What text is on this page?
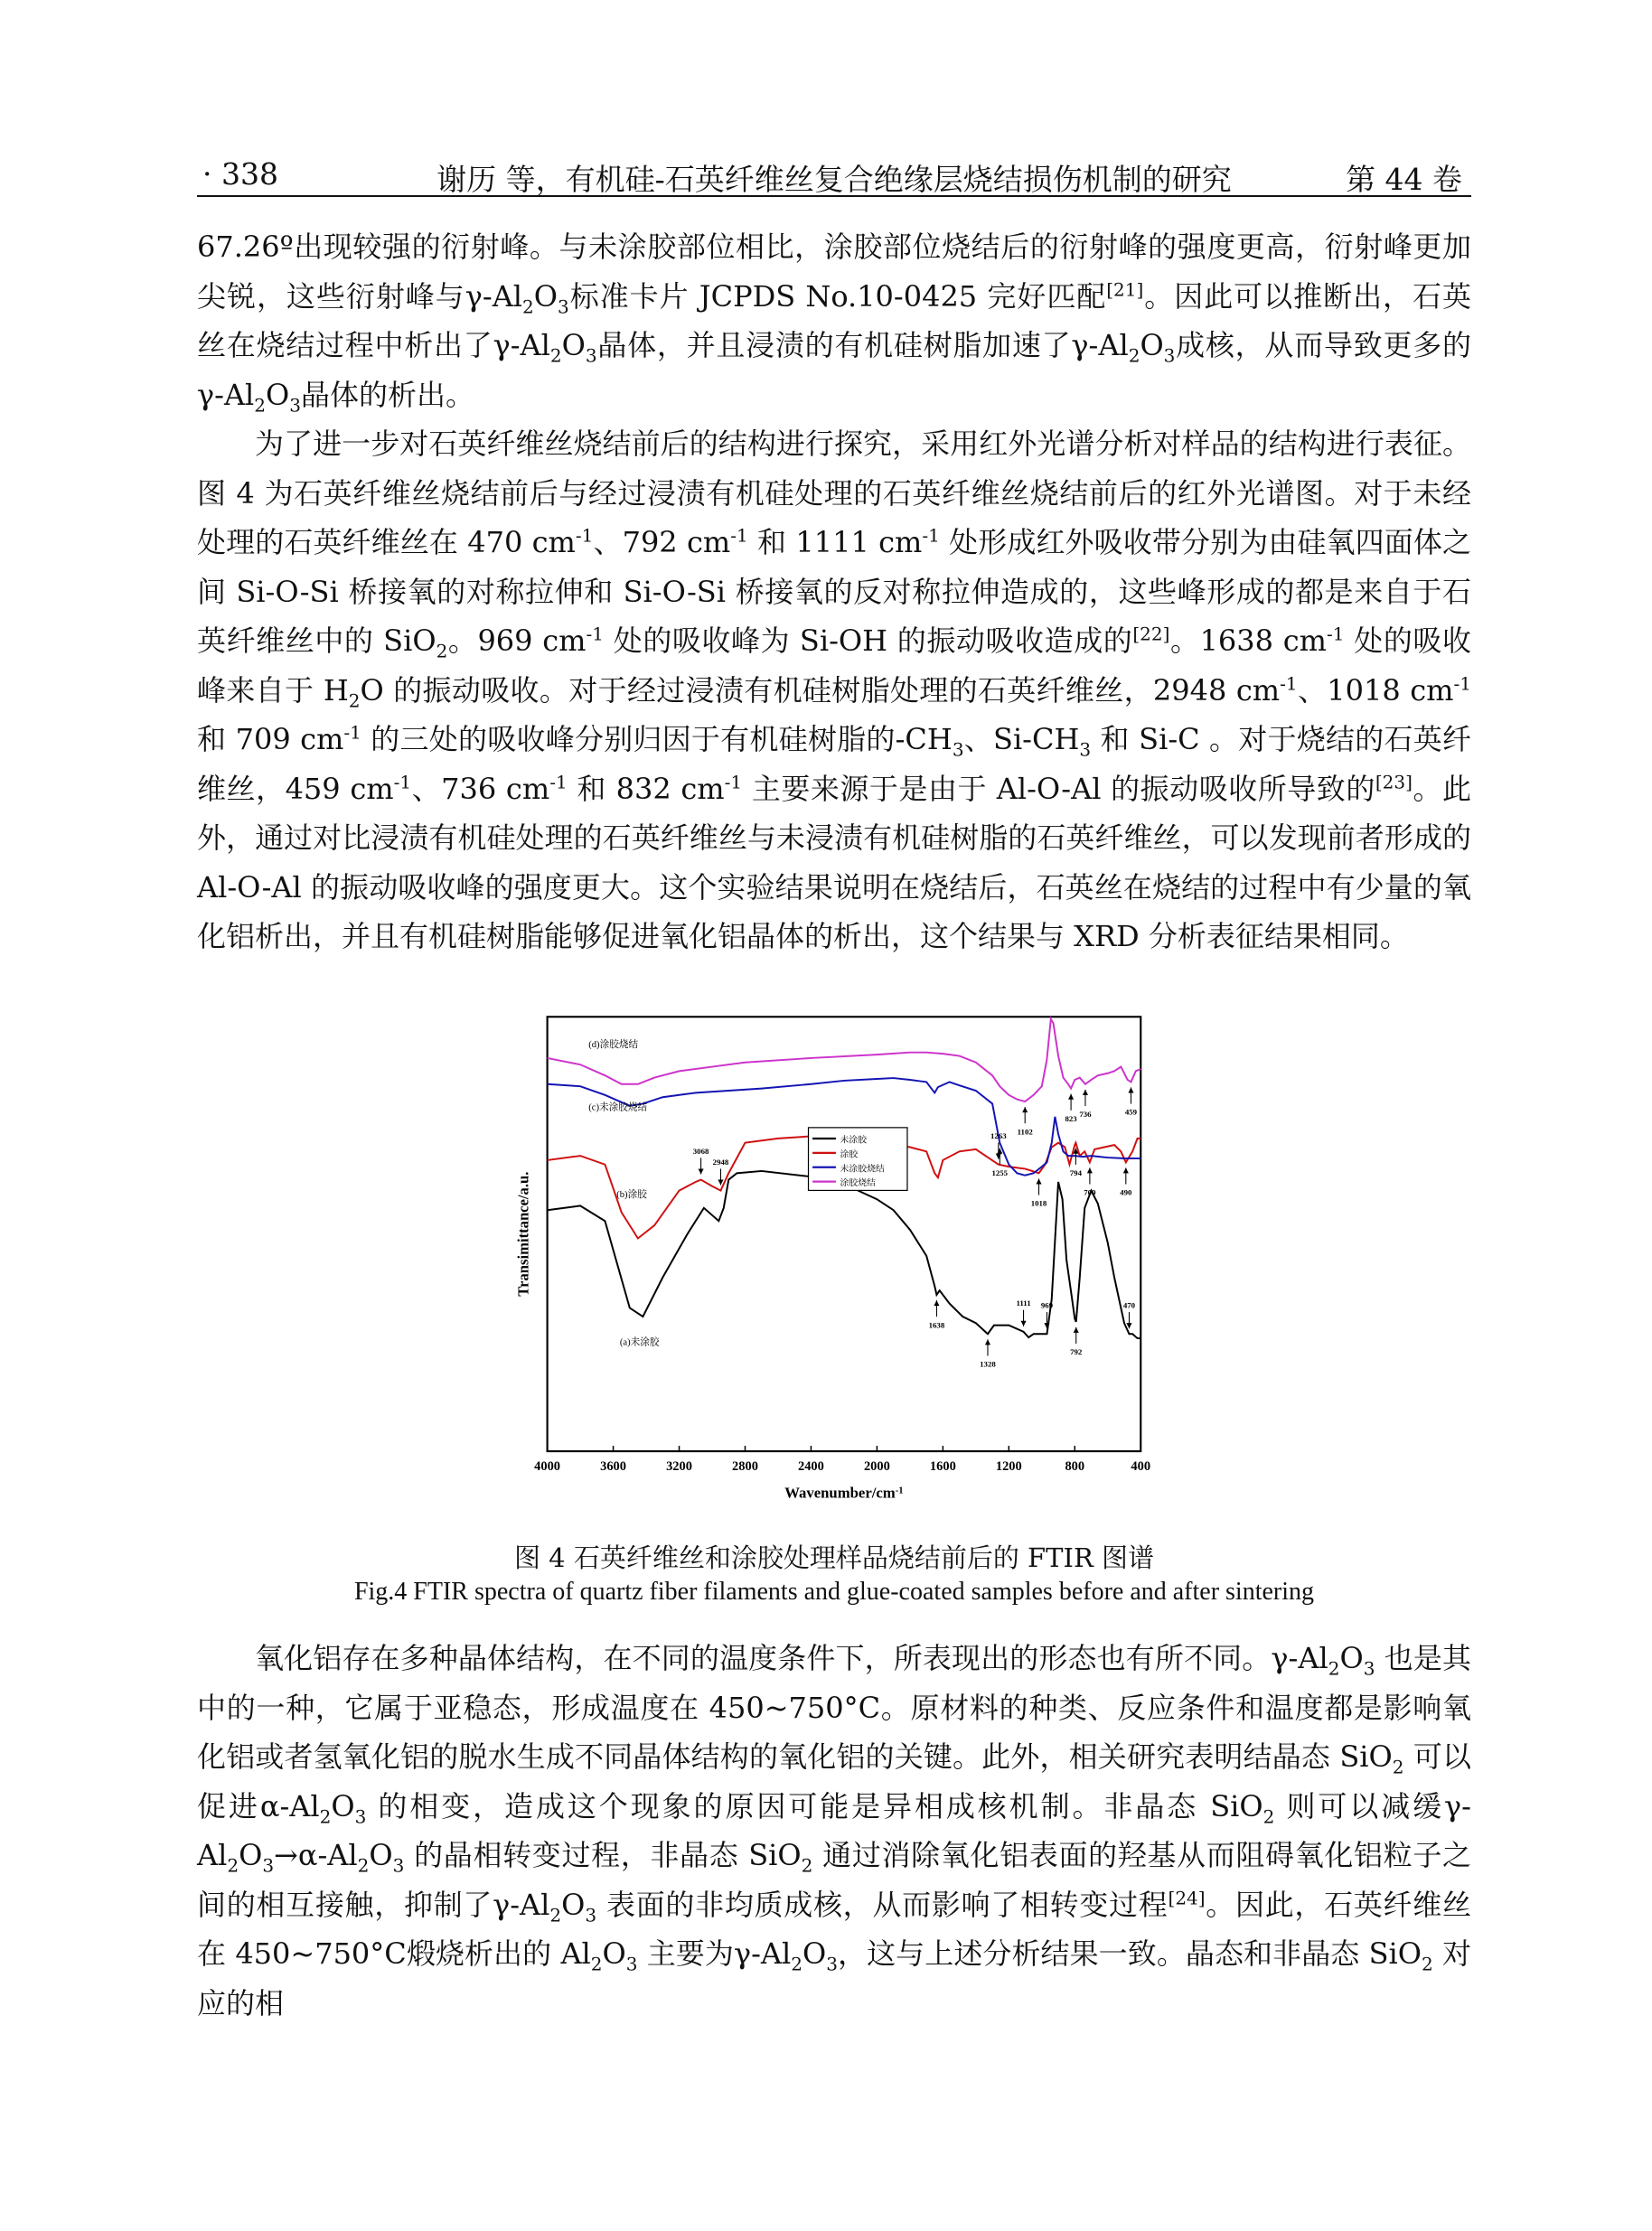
· 338	谢历 等，有机硅-石英纤维丝复合绝缘层烧结损伤机制的研究	第 44 卷

67.26º出现较强的衍射峰。与未涂胶部位相比，涂胶部位烧结后的衍射峰的强度更高，衍射峰更加尖锐，这些衍射峰与$\gamma-Al_2O_3$标准卡片 JCPDS No.10-0425 完好匹配[21]。因此可以推断出，石英丝在烧结过程中析出了$\gamma-Al_2O_3$晶体，并且浸渍的有机硅树脂加速了$\gamma-Al_2O_3$成核，从而导致更多的$\gamma-Al_2O_3$晶体的析出。

为了进一步对石英纤维丝烧结前后的结构进行探究，采用红外光谱分析对样品的结构进行表征。图 4 为石英纤维丝烧结前后与经过浸渍有机硅处理的石英纤维丝烧结前后的红外光谱图。对于未经处理的石英纤维丝在 470 $cm^{-1}$、792 $cm^{-1}$ 和 1111 $cm^{-1}$ 处形成红外吸收带分别为由硅氧四面体之间 Si-O-Si 桥接氧的对称拉伸和 Si-O-Si 桥接氧的反对称拉伸造成的，这些峰形成的都是来自于石英纤维丝中的 SiO$_2$。969 $cm^{-1}$ 处的吸收峰为 Si-OH 的振动吸收造成的[22]。1638 $cm^{-1}$ 处的吸收峰来自于 $H_2O$ 的振动吸收。对于经过浸渍有机硅树脂处理的石英纤维丝，2948 $cm^{-1}$、1018 $cm^{-1}$ 和 709 $cm^{-1}$ 的三处的吸收峰分别归因于有机硅树脂的$-CH_3$、$Si-CH_3$ 和 Si-C 。对于烧结的石英纤维丝，459 $cm^{-1}$、736 $cm^{-1}$ 和 832 $cm^{-1}$ 主要来源于是由于 Al-O-Al 的振动吸收所导致的[23]。此外，通过对比浸渍有机硅处理的石英纤维丝与未浸渍有机硅树脂的石英纤维丝，可以发现前者形成的 Al-O-Al 的振动吸收峰的强度更大。这个实验结果说明在烧结后，石英丝在烧结的过程中有少量的氧化铝析出，并且有机硅树脂能够促进氧化铝晶体的析出，这个结果与 XRD 分析表征结果相同。

4000	3600	3200	2800	2400	2000	1600	1200	800	400
Wavenumber/$cm^{-1}$
Transimittance/a.u.
(a)未涂胶
(b)涂胶
(c)未涂胶烧结
(d)涂胶烧结
未涂胶
涂胶
未涂胶烧结
涂胶烧结
1638
1328
1111 969
792
470
3068
2948
1263
1018
794
709	490
1255
1102
823 736	459
图 4 石英纤维丝和涂胶处理样品烧结前后的 FTIR 图谱
Fig.4 FTIR spectra of quartz fiber filaments and glue-coated samples before and after sintering

氧化铝存在多种晶体结构，在不同的温度条件下，所表现出的形态也有所不同。$\gamma-Al_2O_3$ 也是其中的一种，它属于亚稳态，形成温度在 450~750°C。原材料的种类、反应条件和温度都是影响氧化铝或者氢氧化铝的脱水生成不同晶体结构的氧化铝的关键。此外，相关研究表明结晶态 SiO$_2$ 可以促进$\alpha-Al_2O_3$ 的相变，造成这个现象的原因可能是异相成核机制。非晶态 SiO$_2$ 则可以减缓$\gamma-Al_2O_3\to\alpha-Al_2O_3$ 的晶相转变过程，非晶态 SiO$_2$ 通过消除氧化铝表面的羟基从而阻碍氧化铝粒子之间的相互接触，抑制了$\gamma-Al_2O_3$ 表面的非均质成核，从而影响了相转变过程[24]。因此，石英纤维丝在 450~750°C煅烧析出的 $Al_2O_3$ 主要为$\gamma-Al_2O_3$，这与上述分析结果一致。晶态和非晶态 SiO$_2$ 对应的相
